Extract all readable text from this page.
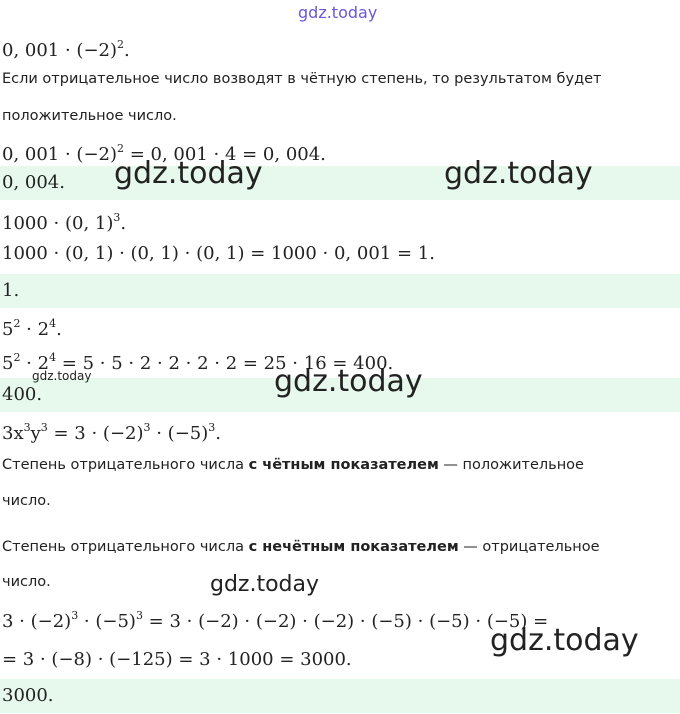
0, $001 \cdot (-2)^2$.
Если отрицательное число возводят в чётную степень, то результатом будет
положительное число.
0, $001 \cdot (-2)^2 = 0$, 001 · 4 = 0, 004.
0, 004.
1000 · (0, 1)$^3$.
1000 · (0, 1) · (0, 1) · (0, 1) = 1000 · 0, 001 = 1.
1.
$5^2 \cdot 2^4$.
$5^2 \cdot 2^4 = 5 \cdot 5 \cdot 2 \cdot 2 \cdot 2 \cdot 2 = 25 \cdot 16 = 400$.
400.
$3x^3y^3 = 3 \cdot (-2)^3 \cdot (-5)^3$.
Степень отрицательного числа с чётным показателем — положительное
число.
Степень отрицательного числа с нечётным показателем — отрицательное
число.
$3 \cdot (-2)^3 \cdot (-5)^3 = 3 \cdot (-2) \cdot (-2) \cdot (-2) \cdot (-5) \cdot (-5) \cdot (-5)$ =
= 3 · (−8) · (−125) = 3 · 1000 = 3000.
3000.
gdz.today
gdz.today	gdz.today
gdz.today	gdz.today
gdz.today
gdz.today
